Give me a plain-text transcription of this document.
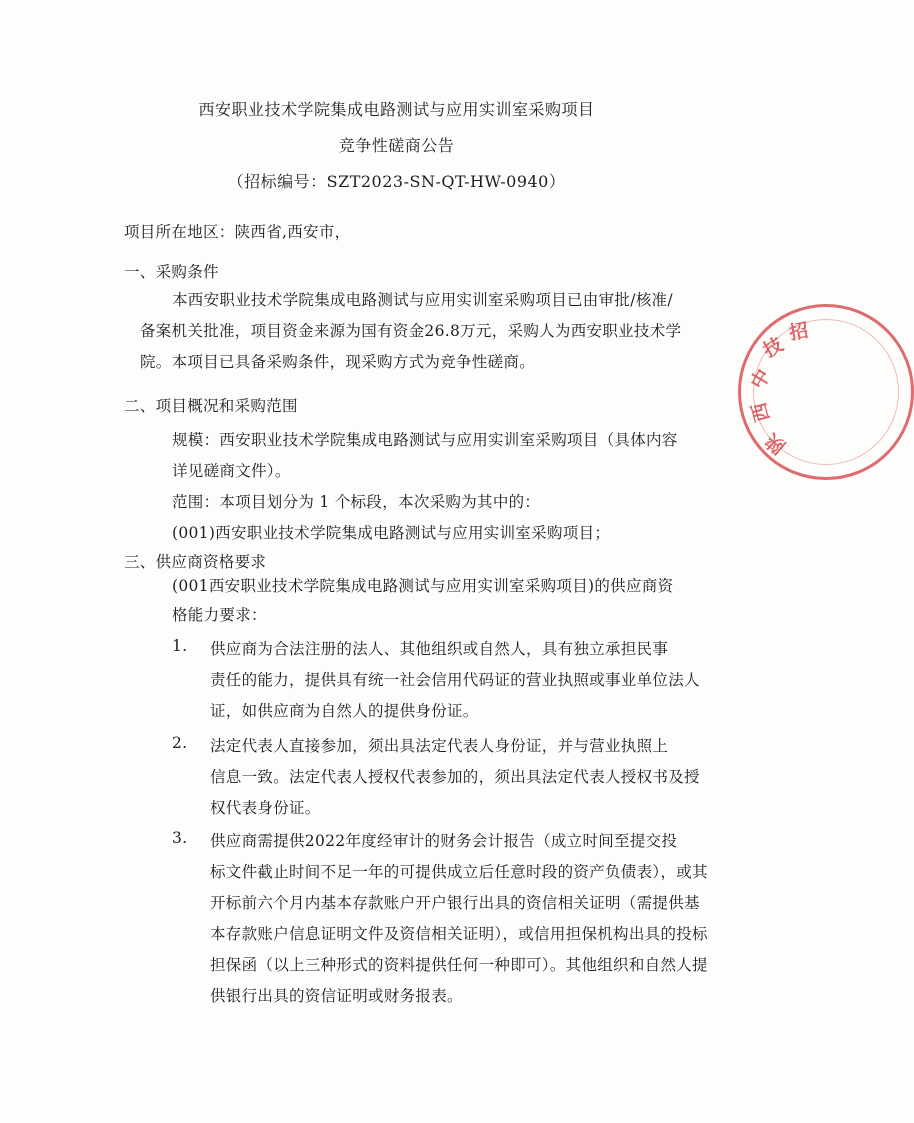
西安职业技术学院集成电路测试与应用实训室采购项目
竞争性磋商公告
（招标编号：SZT2023-SN-QT-HW-0940）
项目所在地区：陕西省,西安市，
一、采购条件
本西安职业技术学院集成电路测试与应用实训室采购项目已由审批/核准/
备案机关批准，项目资金来源为国有资金26.8万元，采购人为西安职业技术学
院。本项目已具备采购条件，现采购方式为竞争性磋商。
二、项目概况和采购范围
规模：西安职业技术学院集成电路测试与应用实训室采购项目（具体内容
详见磋商文件）。
范围：本项目划分为 1 个标段，本次采购为其中的：
(001)西安职业技术学院集成电路测试与应用实训室采购项目；
三、供应商资格要求
(001西安职业技术学院集成电路测试与应用实训室采购项目)的供应商资
格能力要求：
1. 供应商为合法注册的法人、其他组织或自然人，具有独立承担民事
责任的能力，提供具有统一社会信用代码证的营业执照或事业单位法人
证，如供应商为自然人的提供身份证。
2. 法定代表人直接参加，须出具法定代表人身份证，并与营业执照上
信息一致。法定代表人授权代表参加的，须出具法定代表人授权书及授
权代表身份证。
3. 供应商需提供2022年度经审计的财务会计报告（成立时间至提交投
标文件截止时间不足一年的可提供成立后任意时段的资产负债表），或其
开标前六个月内基本存款账户开户银行出具的资信相关证明（需提供基
本存款账户信息证明文件及资信相关证明），或信用担保机构出具的投标
担保函（以上三种形式的资料提供任何一种即可）。其他组织和自然人提
供银行出具的资信证明或财务报表。
技
招
中
西
陕
